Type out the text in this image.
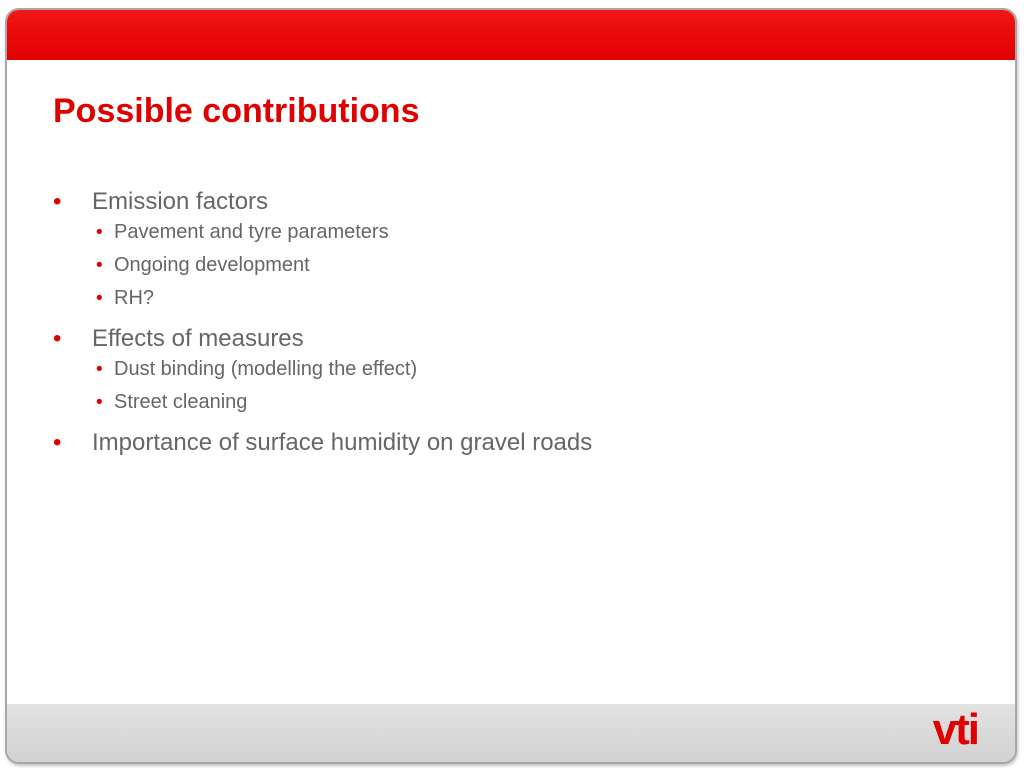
Possible contributions
• Emission factors
• Pavement and tyre parameters
• Ongoing development
• RH?
• Effects of measures
• Dust binding (modelling the effect)
• Street cleaning
• Importance of surface humidity on gravel roads
vti
